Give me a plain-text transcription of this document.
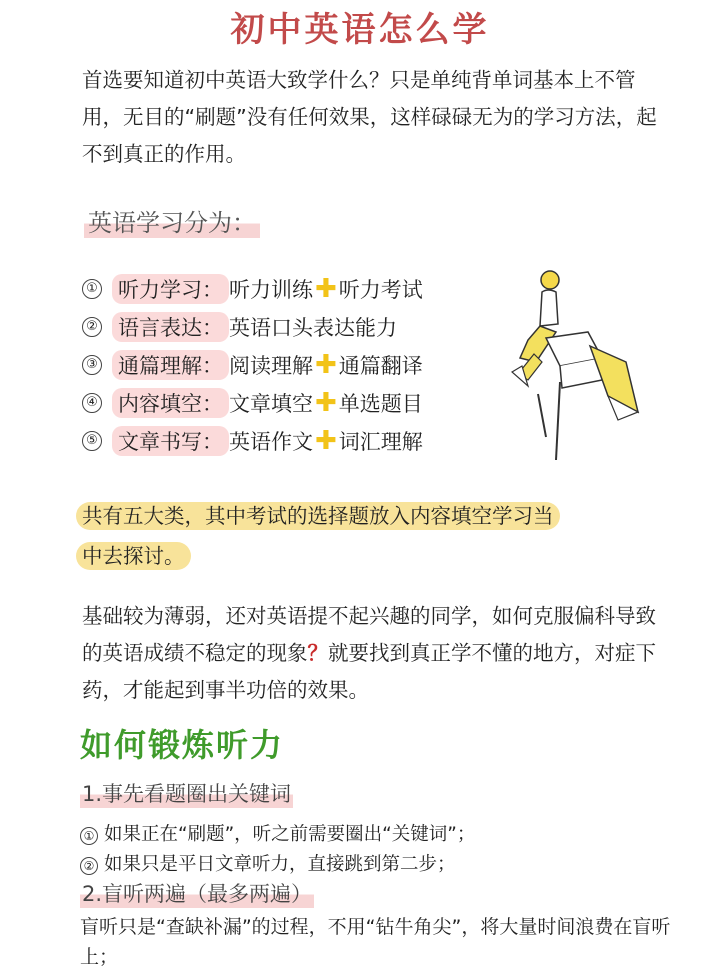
初中英语怎么学
首选要知道初中英语大致学什么？只是单纯背单词基本上不管用，无目的“刷题”没有任何效果，这样碌碌无为的学习方法，起不到真正的作用。
英语学习分为：
① 听力学习： 听力训练 ✚ 听力考试
② 语言表达： 英语口头表达能力
③ 通篇理解： 阅读理解 ✚ 通篇翻译
④ 内容填空： 文章填空 ✚ 单选题目
⑤ 文章书写： 英语作文 ✚ 词汇理解
共有五大类，其中考试的选择题放入内容填空学习当
中去探讨。
基础较为薄弱，还对英语提不起兴趣的同学，如何克服偏科导致的英语成绩不稳定的现象？就要找到真正学不懂的地方，对症下药，才能起到事半功倍的效果。
如何锻炼听力
1.事先看题圈出关键词
① 如果正在“刷题”，听之前需要圈出“关键词”；
② 如果只是平日文章听力，直接跳到第二步；
2.盲听两遍（最多两遍）
盲听只是“查缺补漏”的过程，不用“钻牛角尖”，将大量时间浪费在盲听上；
